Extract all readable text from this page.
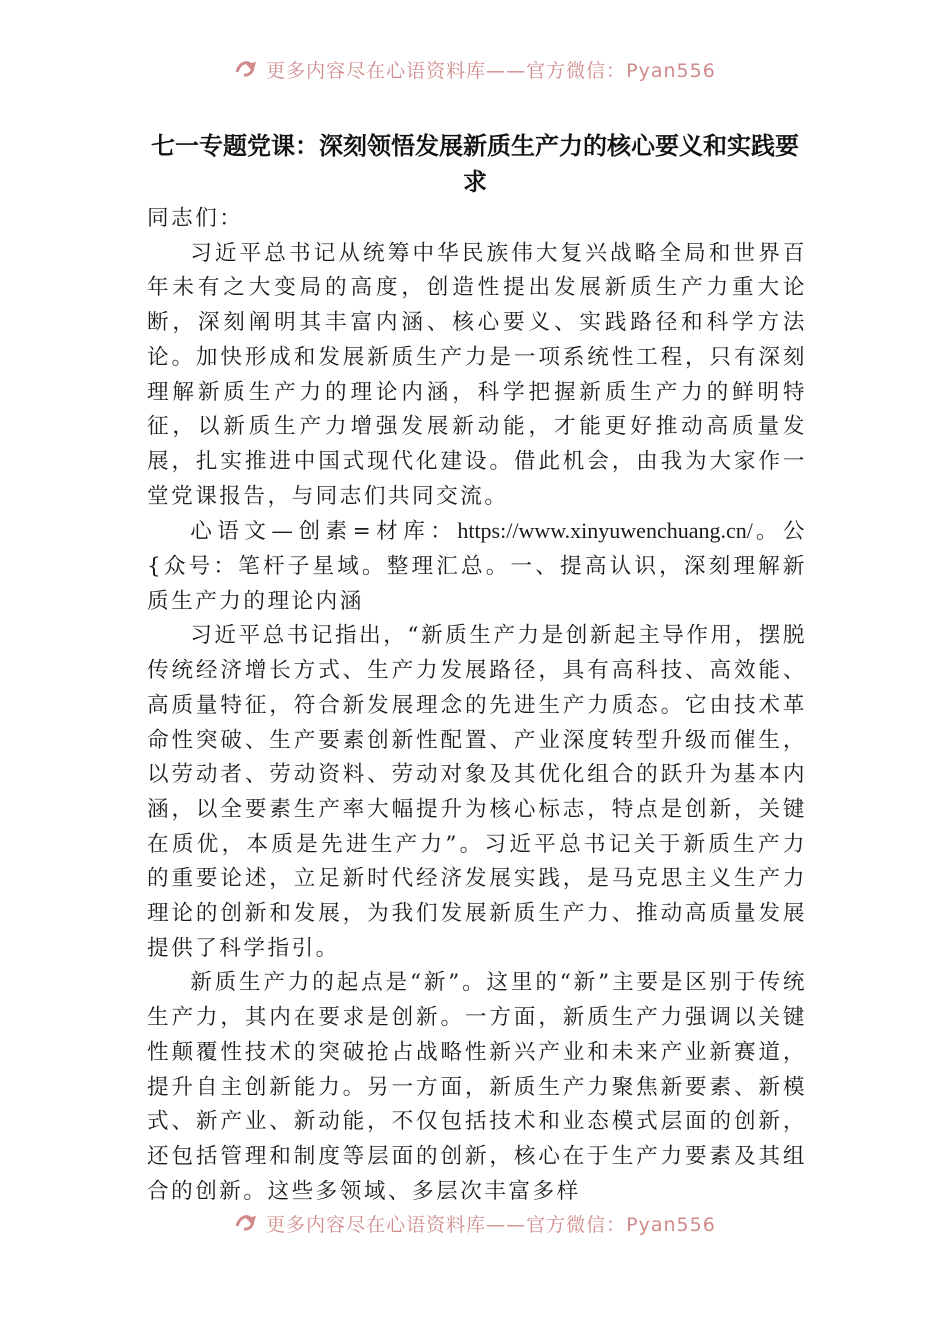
更多内容尽在心语资料库——官方微信：Pyan556
七一专题党课：深刻领悟发展新质生产力的核心要义和实践要求

同志们：

习近平总书记从统筹中华民族伟大复兴战略全局和世界百年未有之大变局的高度，创造性提出发展新质生产力重大论断，深刻阐明其丰富内涵、核心要义、实践路径和科学方法论。加快形成和发展新质生产力是一项系统性工程，只有深刻理解新质生产力的理论内涵，科学把握新质生产力的鲜明特征，以新质生产力增强发展新动能，才能更好推动高质量发展，扎实推进中国式现代化建设。借此机会，由我为大家作一堂党课报告，与同志们共同交流。

心语文—创素=材库：https://www.xinyuwenchuang.cn/。公{众号：笔杆子星域。整理汇总。一、提高认识，深刻理解新质生产力的理论内涵

习近平总书记指出，“新质生产力是创新起主导作用，摆脱传统经济增长方式、生产力发展路径，具有高科技、高效能、高质量特征，符合新发展理念的先进生产力质态。它由技术革命性突破、生产要素创新性配置、产业深度转型升级而催生，以劳动者、劳动资料、劳动对象及其优化组合的跃升为基本内涵，以全要素生产率大幅提升为核心标志，特点是创新，关键在质优，本质是先进生产力”。习近平总书记关于新质生产力的重要论述，立足新时代经济发展实践，是马克思主义生产力理论的创新和发展，为我们发展新质生产力、推动高质量发展提供了科学指引。

新质生产力的起点是“新”。这里的“新”主要是区别于传统生产力，其内在要求是创新。一方面，新质生产力强调以关键性颠覆性技术的突破抢占战略性新兴产业和未来产业新赛道，提升自主创新能力。另一方面，新质生产力聚焦新要素、新模式、新产业、新动能，不仅包括技术和业态模式层面的创新，还包括管理和制度等层面的创新，核心在于生产力要素及其组合的创新。这些多领域、多层次丰富多样

更多内容尽在心语资料库——官方微信：Pyan556
